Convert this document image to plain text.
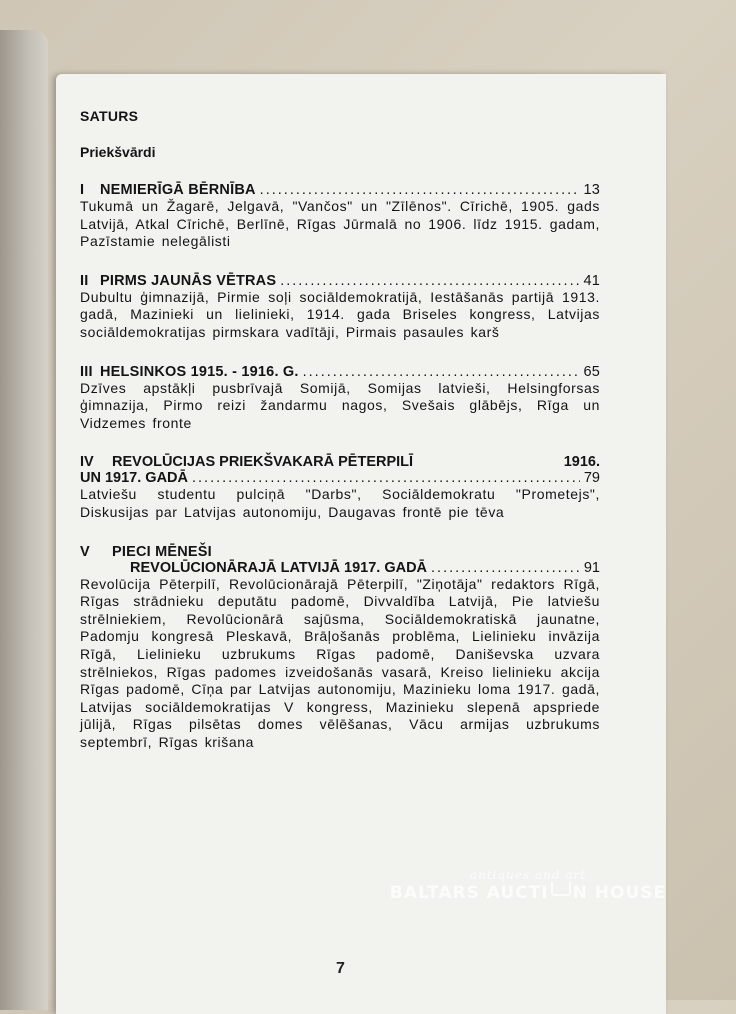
SATURS
Priekšvārdi
I	NEMIERĪGĀ BĒRNĪBA .....	13
Tukumā un Žagarē, Jelgavā, "Vančos" un "Zīlēnos". Cīrichē, 1905. gads Latvijā, Atkal Cīrichē, Berlīnē, Rīgas Jūrmalā no 1906. līdz 1915. gadam, Pazīstamie nelegālisti
II PIRMS JAUNĀS VĒTRAS .....	41
Dubultu ģimnazijā, Pirmie soļi sociāldemokratijā, Iestāšanās partijā 1913. gadā, Mazinieki un lielinieki, 1914. gada Briseles kongress, Latvijas sociāldemokratijas pirmskara vadītāji, Pirmais pasaules karš
III HELSINKOS 1915. - 1916. G. .....	65
Dzīves apstākļi pusbrīvajā Somijā, Somijas latvieši, Helsingforsas ģimnazija, Pirmo reizi žandarmu nagos, Svešais glābējs, Rīga un Vidzemes fronte
IV REVOLŪCIJAS PRIEKŠVAKARĀ PĒTERPILĪ	1916.
UN 1917. GADĀ .....	79
Latviešu studentu pulciņā "Darbs", Sociāldemokratu "Prometejs", Diskusijas par Latvijas autonomiju, Daugavas frontē pie tēva
V	PIECI MĒNEŠI
REVOLŪCIONĀRAJĀ LATVIJĀ 1917. GADĀ .....	91
Revolūcija Pēterpilī, Revolūcionārajā Pēterpilī, "Ziņotāja" redaktors Rīgā, Rīgas strādnieku deputātu padomē, Divvaldība Latvijā, Pie latviešu strēlniekiem, Revolūcionārā sajūsma, Sociāldemokratiskā jaunatne, Padomju kongresā Pleskavā, Brāļošanās problēma, Lielinieku invāzija Rīgā, Lielinieku uzbrukums Rīgas padomē, Daniševska uzvara strēlniekos, Rīgas padomes izveidošanās vasarā, Kreiso lielinieku akcija Rīgas padomē, Cīņa par Latvijas autonomiju, Mazinieku loma 1917. gadā, Latvijas sociāldemokratijas V kongress, Mazinieku slepenā apspriede jūlijā, Rīgas pilsētas domes vēlēšanas, Vācu armijas uzbrukums septembrī, Rīgas krišana
7
antiques and art
BALTARS AUCTI N HOUSE
